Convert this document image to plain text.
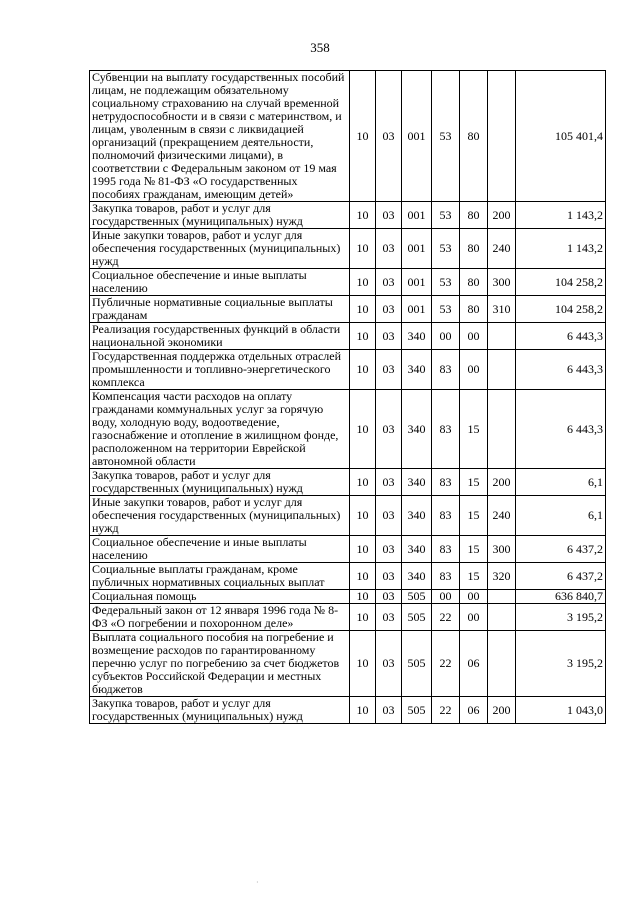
358
Субвенции на выплату государственных пособий лицам, не подлежащим обязательному социальному страхованию на случай временной нетрудоспособности и в связи с материнством, и лицам, уволенным в связи с ликвидацией организаций (прекращением деятельности, полномочий физическими лицами), в соответствии с Федеральным законом от 19 мая 1995 года № 81-ФЗ «О государственных пособиях гражданам, имеющим детей»	10	03	001	53	80		105 401,4
Закупка товаров, работ и услуг для государственных (муниципальных) нужд	10	03	001	53	80	200	1 143,2
Иные закупки товаров, работ и услуг для обеспечения государственных (муниципальных) нужд	10	03	001	53	80	240	1 143,2
Социальное обеспечение и иные выплаты населению	10	03	001	53	80	300	104 258,2
Публичные нормативные социальные выплаты гражданам	10	03	001	53	80	310	104 258,2
Реализация государственных функций в области национальной экономики	10	03	340	00	00		6 443,3
Государственная поддержка отдельных отраслей промышленности и топливно-энергетического комплекса	10	03	340	83	00		6 443,3
Компенсация части расходов на оплату гражданами коммунальных услуг за горячую воду, холодную воду, водоотведение, газоснабжение и отопление в жилищном фонде, расположенном на территории Еврейской автономной области	10	03	340	83	15		6 443,3
Закупка товаров, работ и услуг для государственных (муниципальных) нужд	10	03	340	83	15	200	6,1
Иные закупки товаров, работ и услуг для обеспечения государственных (муниципальных) нужд	10	03	340	83	15	240	6,1
Социальное обеспечение и иные выплаты населению	10	03	340	83	15	300	6 437,2
Социальные выплаты гражданам, кроме публичных нормативных социальных выплат	10	03	340	83	15	320	6 437,2
Социальная помощь	10	03	505	00	00		636 840,7
Федеральный закон от 12 января 1996 года № 8-ФЗ «О погребении и похоронном деле»	10	03	505	22	00		3 195,2
Выплата социального пособия на погребение и возмещение расходов по гарантированному перечню услуг по погребению за счет бюджетов субъектов Российской Федерации и местных бюджетов	10	03	505	22	06		3 195,2
Закупка товаров, работ и услуг для государственных (муниципальных) нужд	10	03	505	22	06	200	1 043,0
·
